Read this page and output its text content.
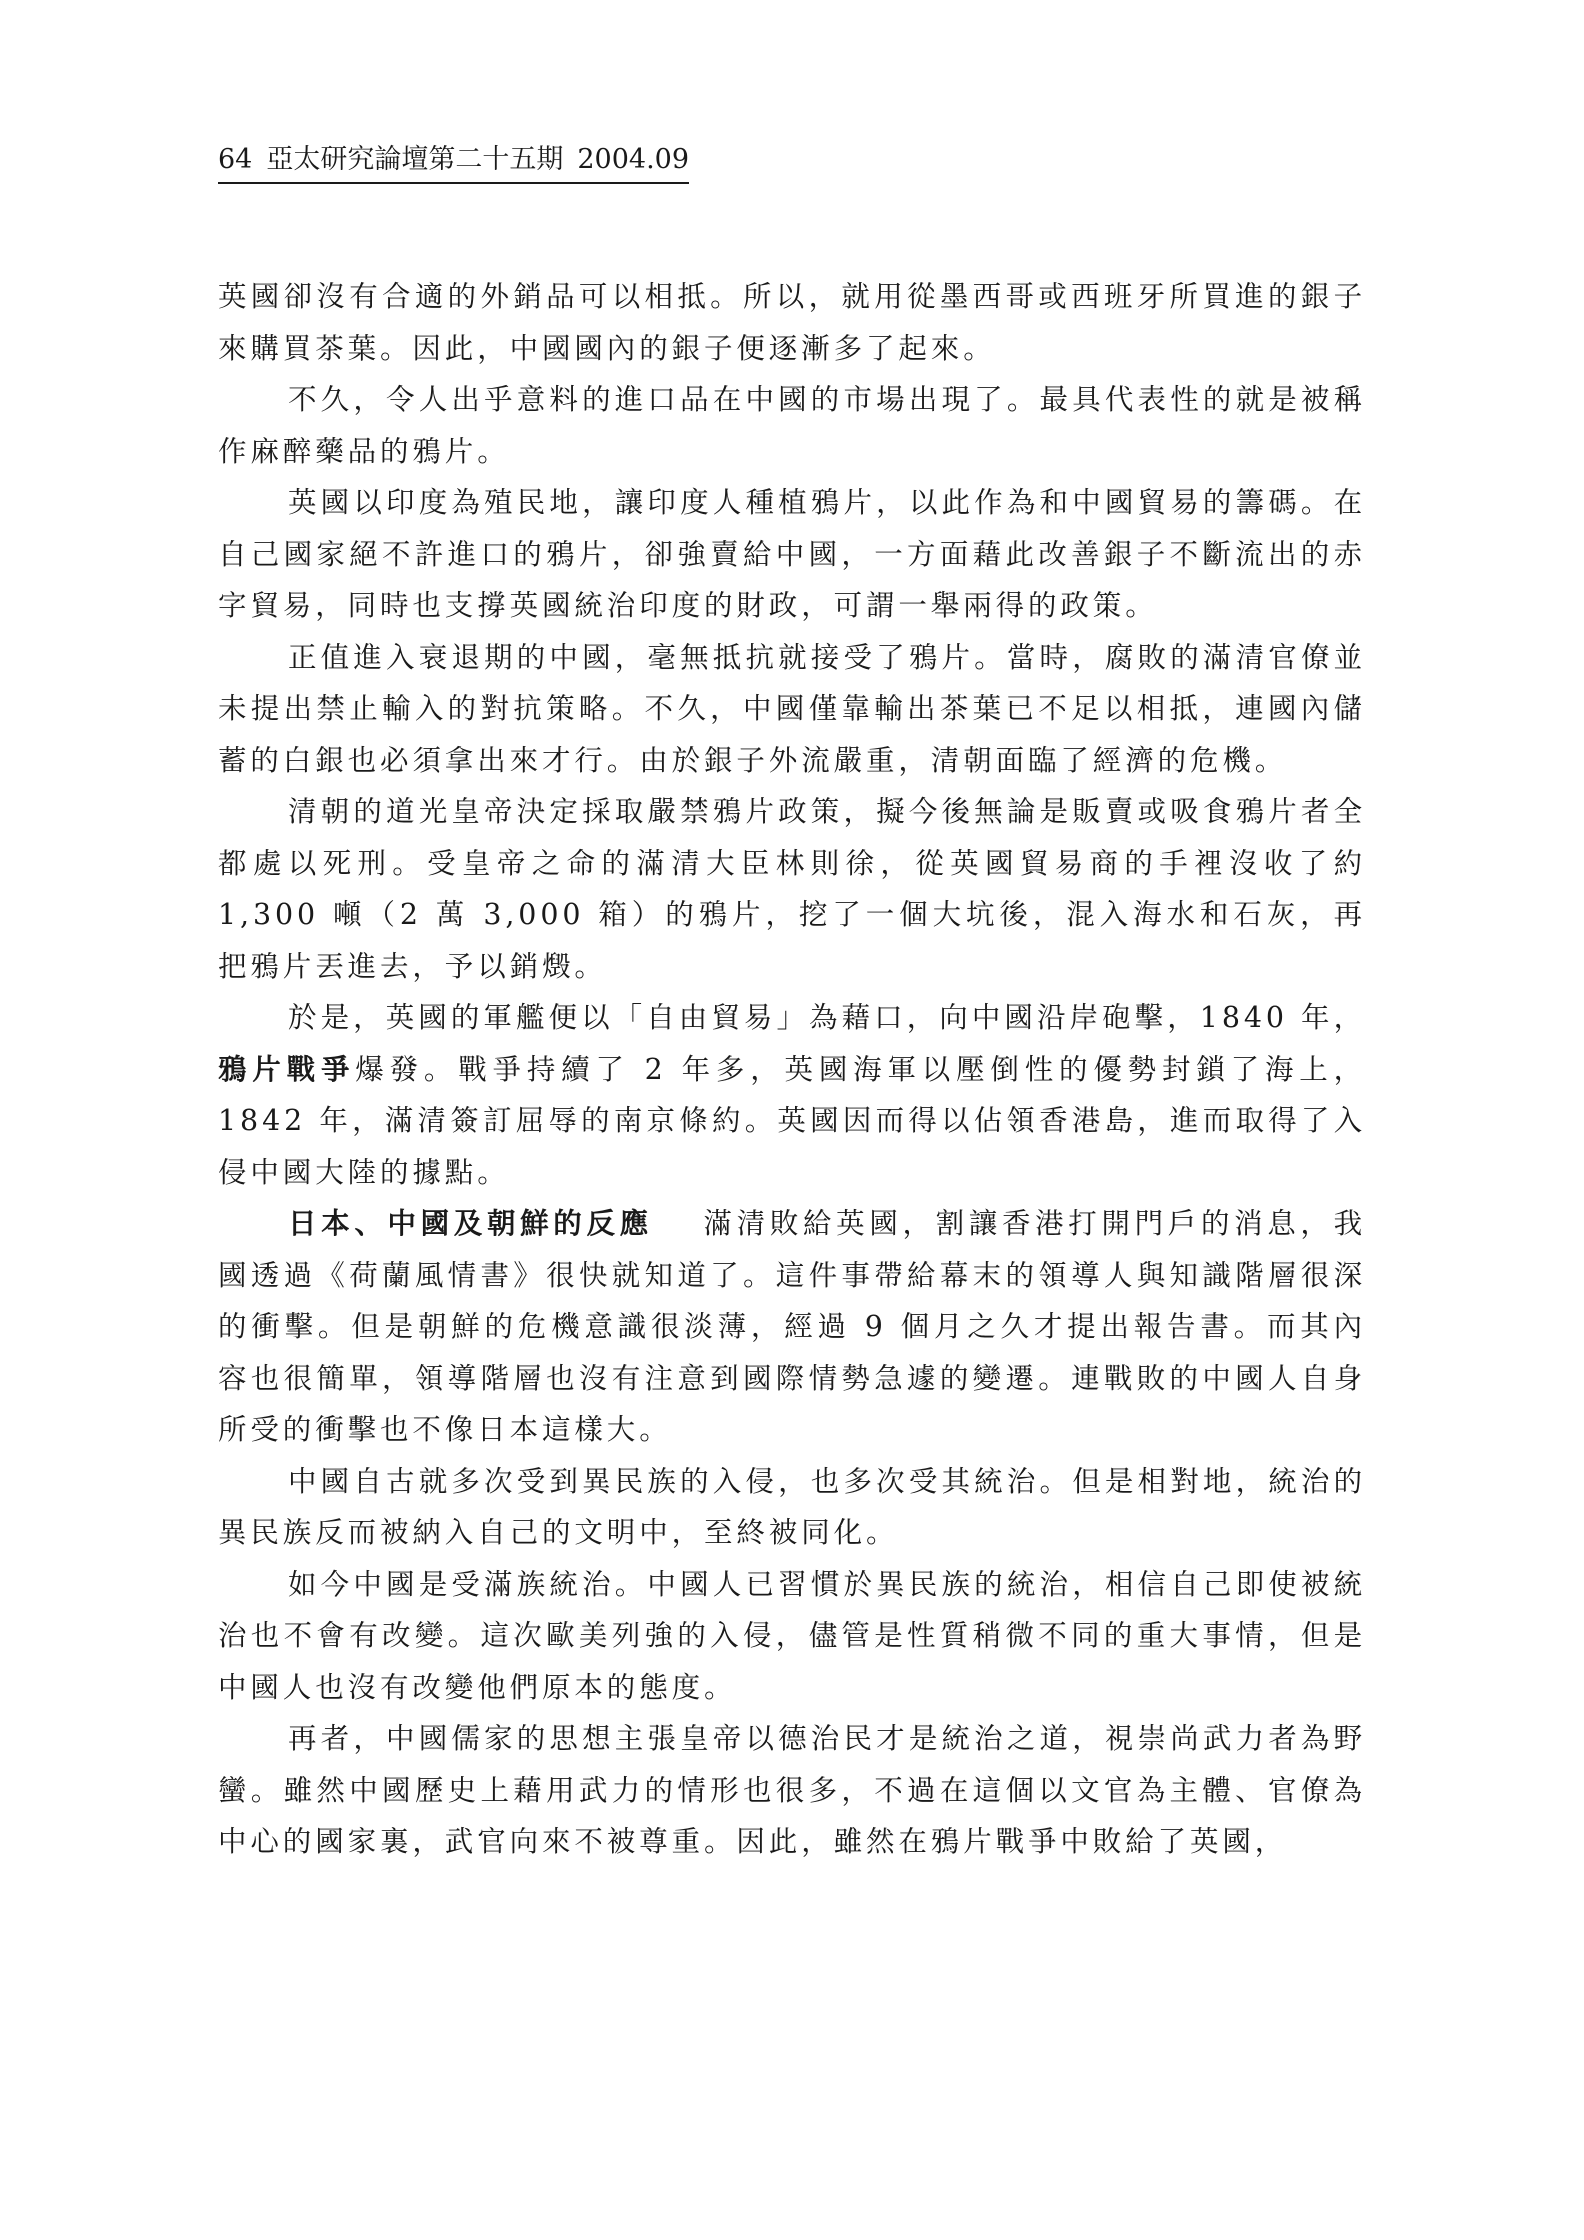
64 亞太研究論壇第二十五期 2004.09

英國卻沒有合適的外銷品可以相抵。所以，就用從墨西哥或西班牙所買進的銀子來購買茶葉。因此，中國國內的銀子便逐漸多了起來。

不久，令人出乎意料的進口品在中國的市場出現了。最具代表性的就是被稱作麻醉藥品的鴉片。

英國以印度為殖民地，讓印度人種植鴉片，以此作為和中國貿易的籌碼。在自己國家絕不許進口的鴉片，卻強賣給中國，一方面藉此改善銀子不斷流出的赤字貿易，同時也支撐英國統治印度的財政，可謂一舉兩得的政策。

正值進入衰退期的中國，毫無抵抗就接受了鴉片。當時，腐敗的滿清官僚並未提出禁止輸入的對抗策略。不久，中國僅靠輸出茶葉已不足以相抵，連國內儲蓄的白銀也必須拿出來才行。由於銀子外流嚴重，清朝面臨了經濟的危機。

清朝的道光皇帝決定採取嚴禁鴉片政策，擬今後無論是販賣或吸食鴉片者全都處以死刑。受皇帝之命的滿清大臣林則徐，從英國貿易商的手裡沒收了約 1,300 噸（2 萬 3,000 箱）的鴉片，挖了一個大坑後，混入海水和石灰，再把鴉片丟進去，予以銷燬。

於是，英國的軍艦便以「自由貿易」為藉口，向中國沿岸砲擊，1840 年，鴉片戰爭爆發。戰爭持續了 2 年多，英國海軍以壓倒性的優勢封鎖了海上，1842 年，滿清簽訂屈辱的南京條約。英國因而得以佔領香港島，進而取得了入侵中國大陸的據點。

日本、中國及朝鮮的反應 滿清敗給英國，割讓香港打開門戶的消息，我國透過《荷蘭風情書》很快就知道了。這件事帶給幕末的領導人與知識階層很深的衝擊。但是朝鮮的危機意識很淡薄，經過 9 個月之久才提出報告書。而其內容也很簡單，領導階層也沒有注意到國際情勢急遽的變遷。連戰敗的中國人自身所受的衝擊也不像日本這樣大。

中國自古就多次受到異民族的入侵，也多次受其統治。但是相對地，統治的異民族反而被納入自己的文明中，至終被同化。

如今中國是受滿族統治。中國人已習慣於異民族的統治，相信自己即使被統治也不會有改變。這次歐美列強的入侵，儘管是性質稍微不同的重大事情，但是中國人也沒有改變他們原本的態度。

再者，中國儒家的思想主張皇帝以德治民才是統治之道，視崇尚武力者為野蠻。雖然中國歷史上藉用武力的情形也很多，不過在這個以文官為主體、官僚為中心的國家裏，武官向來不被尊重。因此，雖然在鴉片戰爭中敗給了英國，
